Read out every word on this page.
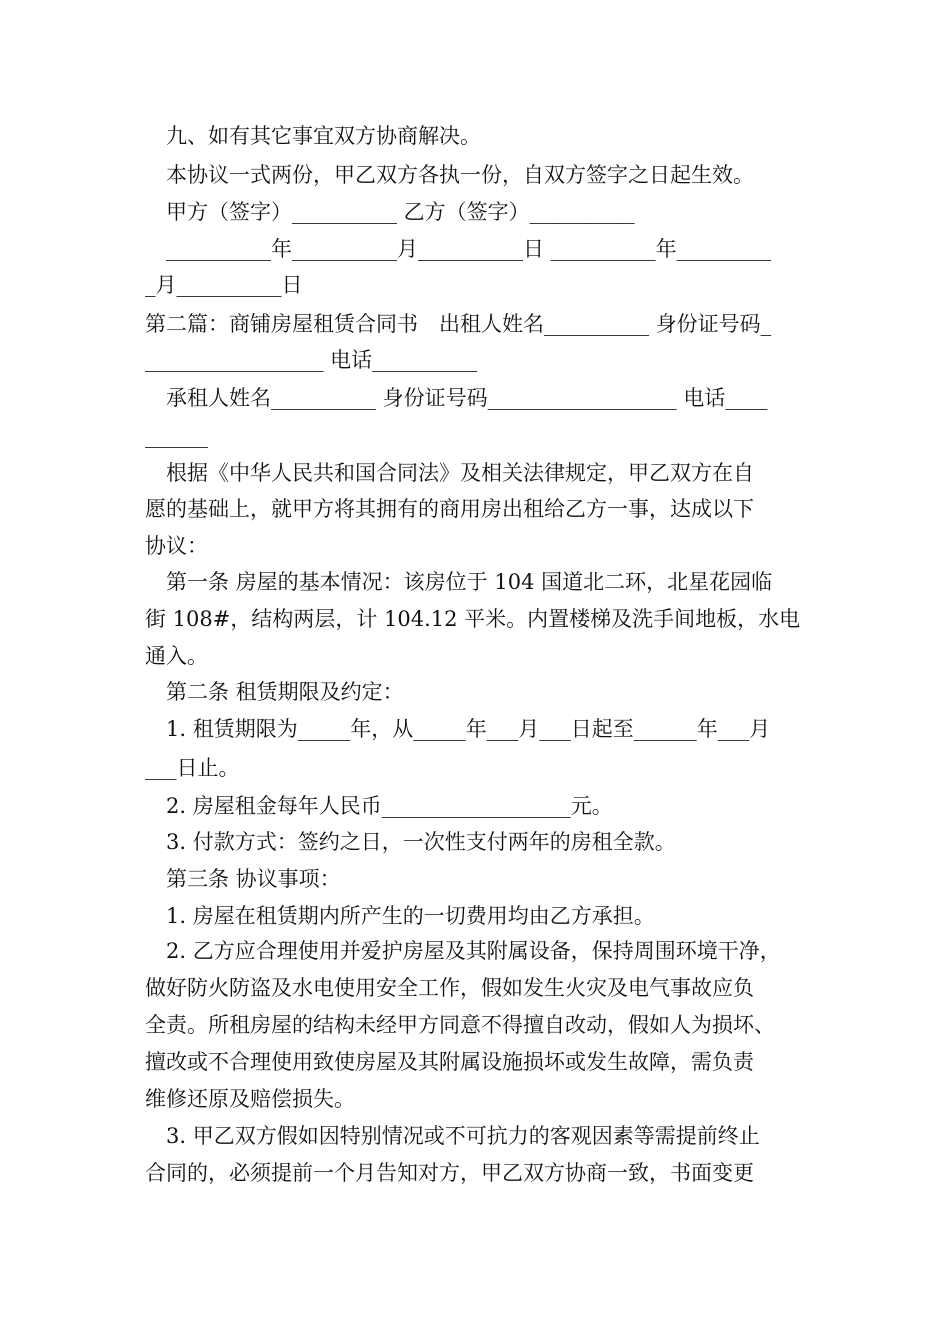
　九、如有其它事宜双方协商解决。
　本协议一式两份，甲乙双方各执一份，自双方签字之日起生效。
　甲方（签字）__________ 乙方（签字）__________
　__________年__________月__________日 __________年_________
_月__________日
第二篇：商铺房屋租赁合同书　出租人姓名__________ 身份证号码_
_________________ 电话__________
　承租人姓名__________ 身份证号码__________________ 电话____
______
　根据《中华人民共和国合同法》及相关法律规定，甲乙双方在自
愿的基础上，就甲方将其拥有的商用房出租给乙方一事，达成以下
协议：
　第一条 房屋的基本情况：该房位于 104 国道北二环，北星花园临
街 108#，结构两层，计 104.12 平米。内置楼梯及洗手间地板，水电
通入。
　第二条 租赁期限及约定：
　1. 租赁期限为_____年，从_____年___月___日起至______年___月
___日止。
　2. 房屋租金每年人民币__________________元。
　3. 付款方式：签约之日，一次性支付两年的房租全款。
　第三条 协议事项：
　1. 房屋在租赁期内所产生的一切费用均由乙方承担。
　2. 乙方应合理使用并爱护房屋及其附属设备，保持周围环境干净，
做好防火防盗及水电使用安全工作，假如发生火灾及电气事故应负
全责。所租房屋的结构未经甲方同意不得擅自改动，假如人为损坏、
擅改或不合理使用致使房屋及其附属设施损坏或发生故障，需负责
维修还原及赔偿损失。
　3. 甲乙双方假如因特别情况或不可抗力的客观因素等需提前终止
合同的，必须提前一个月告知对方，甲乙双方协商一致，书面变更
